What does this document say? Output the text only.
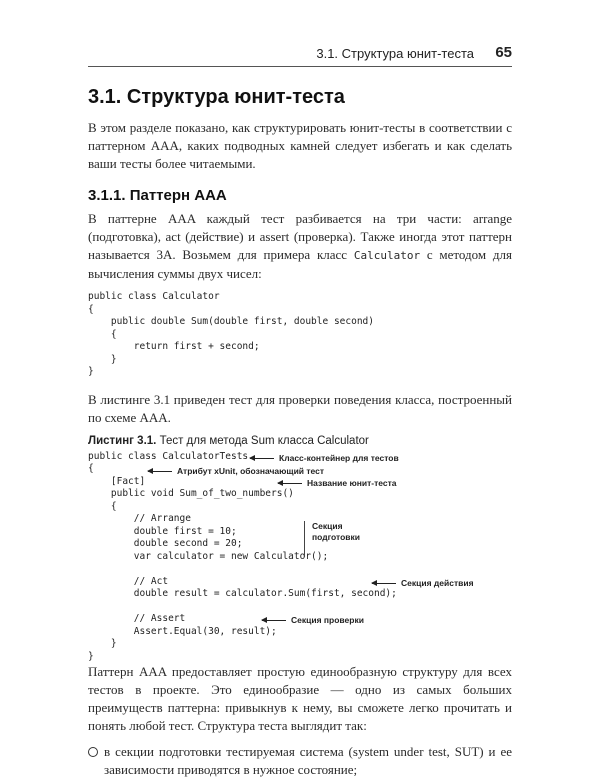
3.1. Структура юнит-теста 65
3.1. Структура юнит-теста

В этом разделе показано, как структурировать юнит-тесты в соответствии с паттерном AAA, каких подводных камней следует избегать и как сделать ваши тесты более читаемыми.

3.1.1. Паттерн AAA

В паттерне AAA каждый тест разбивается на три части: arrange (подготовка), act (действие) и assert (проверка). Также иногда этот паттерн называется 3A. Возьмем для примера класс Calculator с методом для вычисления суммы двух чисел:

public class Calculator
{
public double Sum(double first, double second)
{
return first + second;
}
}

В листинге 3.1 приведен тест для проверки поведения класса, построенный по схеме AAA.

Листинг 3.1. Тест для метода Sum класса Calculator
public class CalculatorTests
{
[Fact]
public void Sum_of_two_numbers()
{
// Arrange
double first = 10;
double second = 20;
var calculator = new Calculator();

// Act
double result = calculator.Sum(first, second);

// Assert
Assert.Equal(30, result);
}
}
Класс-контейнер для тестов
Атрибут xUnit, обозначающий тест
Название юнит-теста
Секция подготовки
Секция действия
Секция проверки

Паттерн AAA предоставляет простую единообразную структуру для всех тестов в проекте. Это единообразие — одно из самых больших преимуществ паттерна: привыкнув к нему, вы сможете легко прочитать и понять любой тест. Структура теста выглядит так:

в секции подготовки тестируемая система (system under test, SUT) и ее зависимости приводятся в нужное состояние;
